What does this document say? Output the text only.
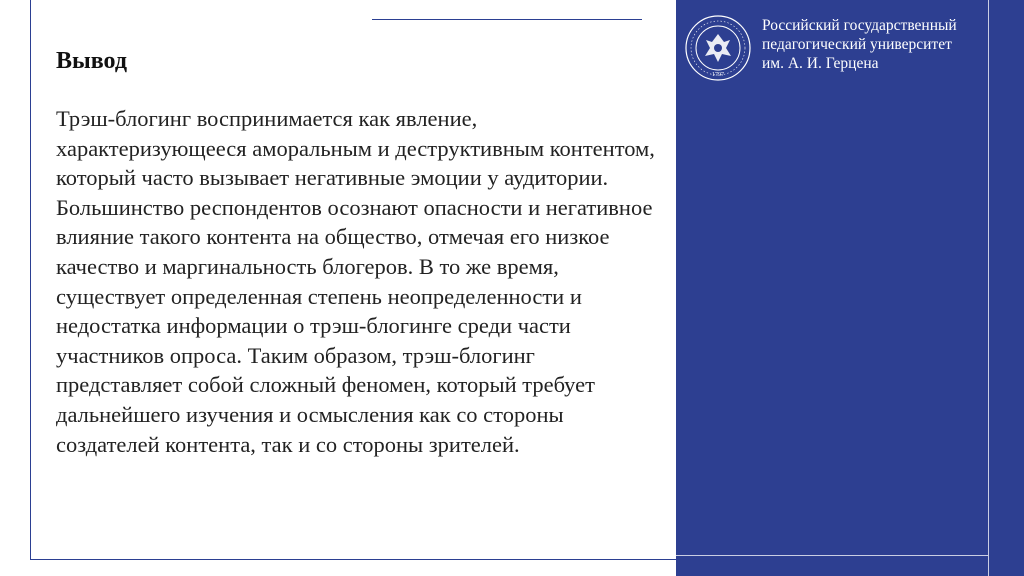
Вывод
Трэш-блогинг воспринимается как явление, характеризующееся аморальным и деструктивным контентом, который часто вызывает негативные эмоции у аудитории. Большинство респондентов осознают опасности и негативное влияние такого контента на общество, отмечая его низкое качество и маргинальность блогеров. В то же время, существует определенная степень неопределенности и недостатка информации о трэш-блогинге среди части участников опроса. Таким образом, трэш-блогинг представляет собой сложный феномен, который требует дальнейшего изучения и осмысления как со стороны создателей контента, так и со стороны зрителей.
1797
Российский государственный
педагогический университет
им. А. И. Герцена
